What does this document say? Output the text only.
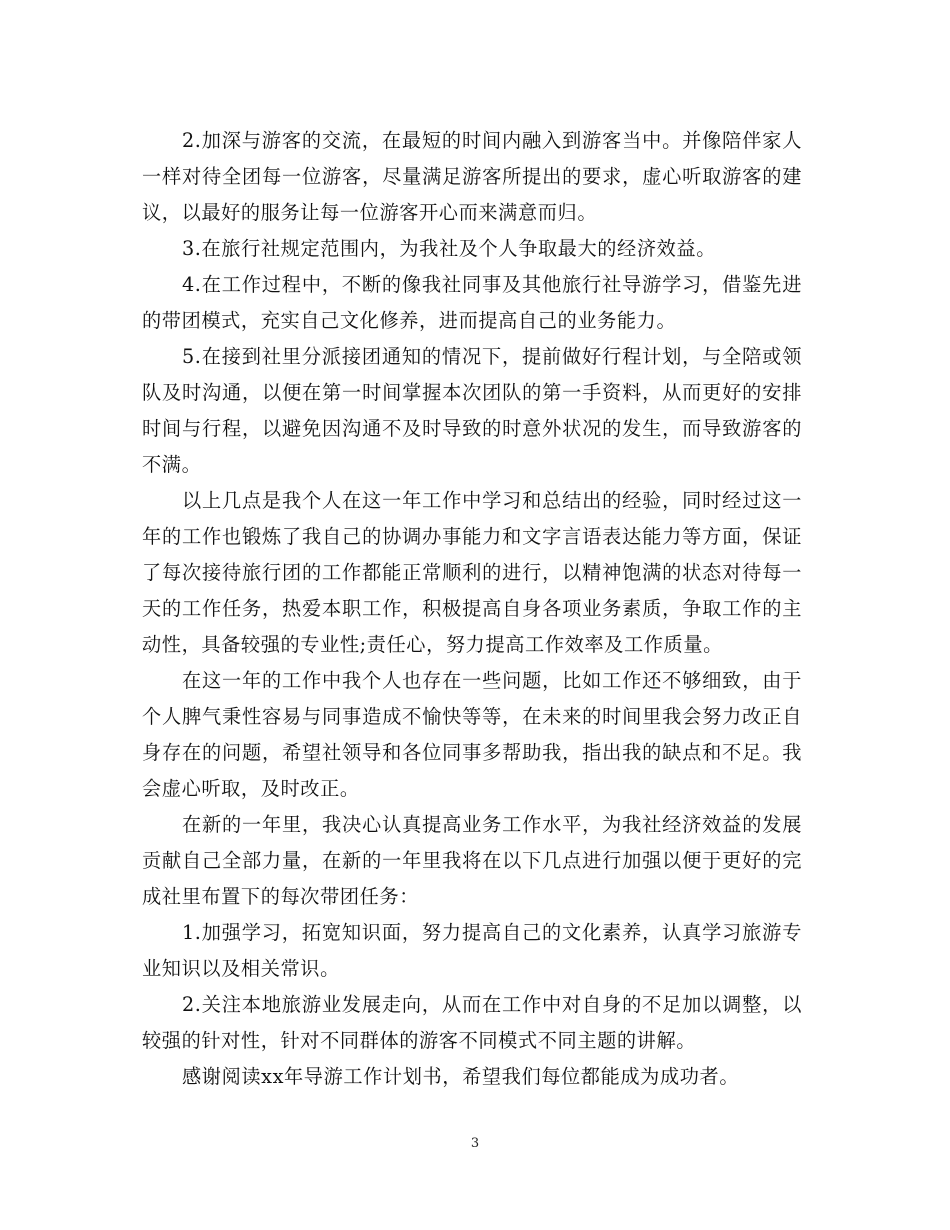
2.加深与游客的交流，在最短的时间内融入到游客当中。并像陪伴家人一样对待全团每一位游客，尽量满足游客所提出的要求，虚心听取游客的建议，以最好的服务让每一位游客开心而来满意而归。

3.在旅行社规定范围内，为我社及个人争取最大的经济效益。

4.在工作过程中，不断的像我社同事及其他旅行社导游学习，借鉴先进的带团模式，充实自己文化修养，进而提高自己的业务能力。

5.在接到社里分派接团通知的情况下，提前做好行程计划，与全陪或领队及时沟通，以便在第一时间掌握本次团队的第一手资料，从而更好的安排时间与行程，以避免因沟通不及时导致的时意外状况的发生，而导致游客的不满。

以上几点是我个人在这一年工作中学习和总结出的经验，同时经过这一年的工作也锻炼了我自己的协调办事能力和文字言语表达能力等方面，保证了每次接待旅行团的工作都能正常顺利的进行，以精神饱满的状态对待每一天的工作任务，热爱本职工作，积极提高自身各项业务素质，争取工作的主动性，具备较强的专业性;责任心，努力提高工作效率及工作质量。

在这一年的工作中我个人也存在一些问题，比如工作还不够细致，由于个人脾气秉性容易与同事造成不愉快等等，在未来的时间里我会努力改正自身存在的问题，希望社领导和各位同事多帮助我，指出我的缺点和不足。我会虚心听取，及时改正。

在新的一年里，我决心认真提高业务工作水平，为我社经济效益的发展贡献自己全部力量，在新的一年里我将在以下几点进行加强以便于更好的完成社里布置下的每次带团任务：

1.加强学习，拓宽知识面，努力提高自己的文化素养，认真学习旅游专业知识以及相关常识。

2.关注本地旅游业发展走向，从而在工作中对自身的不足加以调整，以较强的针对性，针对不同群体的游客不同模式不同主题的讲解。

感谢阅读xx年导游工作计划书，希望我们每位都能成为成功者。

3
